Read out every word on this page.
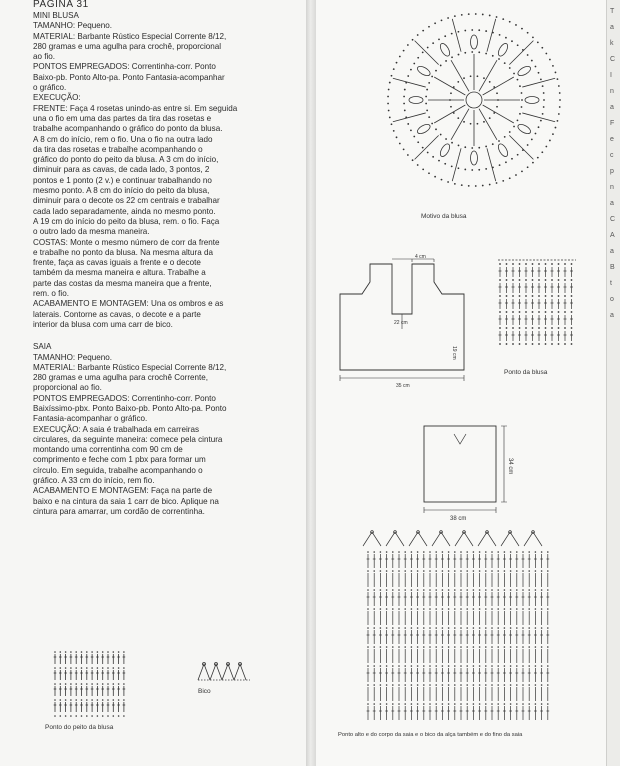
PAGINA 31

MINI BLUSA

TAMANHO: Pequeno.

MATERIAL: Barbante Rústico Especial Corrente 8/12,

280 gramas e uma agulha para crochê, proporcional

ao fio.

PONTOS EMPREGADOS: Correntinha-corr. Ponto

Baixo-pb. Ponto Alto-pa. Ponto Fantasia-acompanhar

o gráfico.

EXECUÇÃO:

FRENTE: Faça 4 rosetas unindo-as entre si. Em seguida

una o fio em uma das partes da tira das rosetas e

trabalhe acompanhando o gráfico do ponto da blusa.

A 8 cm do início, rem o fio. Una o fio na outra lado

da tira das rosetas e trabalhe acompanhando o

gráfico do ponto do peito da blusa. A 3 cm do início,

diminuir para as cavas, de cada lado, 3 pontos, 2

pontos e 1 ponto (2 v.) e continuar trabalhando no

mesmo ponto. A 8 cm do início do peito da blusa,

diminuir para o decote os 22 cm centrais e trabalhar

cada lado separadamente, ainda no mesmo ponto.

A 19 cm do início do peito da blusa, rem. o fio. Faça

o outro lado da mesma maneira.

COSTAS: Monte o mesmo número de corr da frente

e trabalhe no ponto da blusa. Na mesma altura da

frente, faça as cavas iguais a frente e o decote

também da mesma maneira e altura. Trabalhe a

parte das costas da mesma maneira que a frente,

rem. o fio.

ACABAMENTO E MONTAGEM: Una os ombros e as

laterais. Contorne as cavas, o decote e a parte

interior da blusa com uma carr de bico.

SAIA

TAMANHO: Pequeno.

MATERIAL: Barbante Rústico Especial Corrente 8/12,

280 gramas e uma agulha para crochê Corrente,

proporcional ao fio.

PONTOS EMPREGADOS: Correntinho-corr. Ponto

Baixíssimo-pbx. Ponto Baixo-pb. Ponto Alto-pa. Ponto

Fantasia-acompanhar o gráfico.

EXECUÇÃO: A saia é trabalhada em carreiras

circulares, da seguinte maneira: comece pela cintura

montando uma correntinha com 90 cm de

comprimento e feche com 1 pbx para formar um

círculo. Em seguida, trabalhe acompanhando o

gráfico. A 33 cm do início, rem fio.

ACABAMENTO E MONTAGEM: Faça na parte de

baixo e na cintura da saia 1 carr de bico. Aplique na

cintura para amarrar, um cordão de correntinha.

Ponto do peito da blusa
Bico
Motivo da blusa
4 cm
22 cm
19 cm
35 cm
Ponto da blusa
34 cm
38 cm
Ponto alto e do corpo da saia e o bico da alça também e do fino da saia
T
a
k
C
I
n
a
F
e
c
p
n
a
C
A
a
B
t
o
a
